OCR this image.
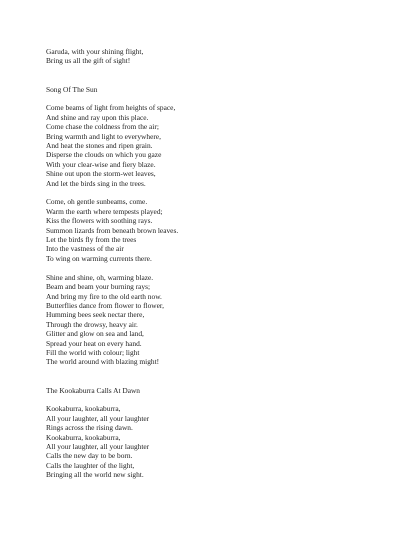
Garuda, with your shining flight,
Bring us all the gift of sight!
Song Of The Sun
Come beams of light from heights of space,
And shine and ray upon this place.
Come chase the coldness from the air;
Bring warmth and light to everywhere,
And heat the stones and ripen grain.
Disperse the clouds on which you gaze
With your clear-wise and fiery blaze.
Shine out upon the storm-wet leaves,
And let the birds sing in the trees.
Come, oh gentle sunbeams, come.
Warm the earth where tempests played;
Kiss the flowers with soothing rays.
Summon lizards from beneath brown leaves.
Let the birds fly from the trees
Into the vastness of the air
To wing on warming currents there.
Shine and shine, oh, warming blaze.
Beam and beam your burning rays;
And bring my fire to the old earth now.
Butterflies dance from flower to flower,
Humming bees seek nectar there,
Through the drowsy, heavy air.
Glitter and glow on sea and land,
Spread your heat on every hand.
Fill the world with colour; light
The world around with blazing might!
The Kookaburra Calls At Dawn
Kookaburra, kookaburra,
All your laughter, all your laughter
Rings across the rising dawn.
Kookaburra, kookaburra,
All your laughter, all your laughter
Calls the new day to be born.
Calls the laughter of the light,
Bringing all the world new sight.
